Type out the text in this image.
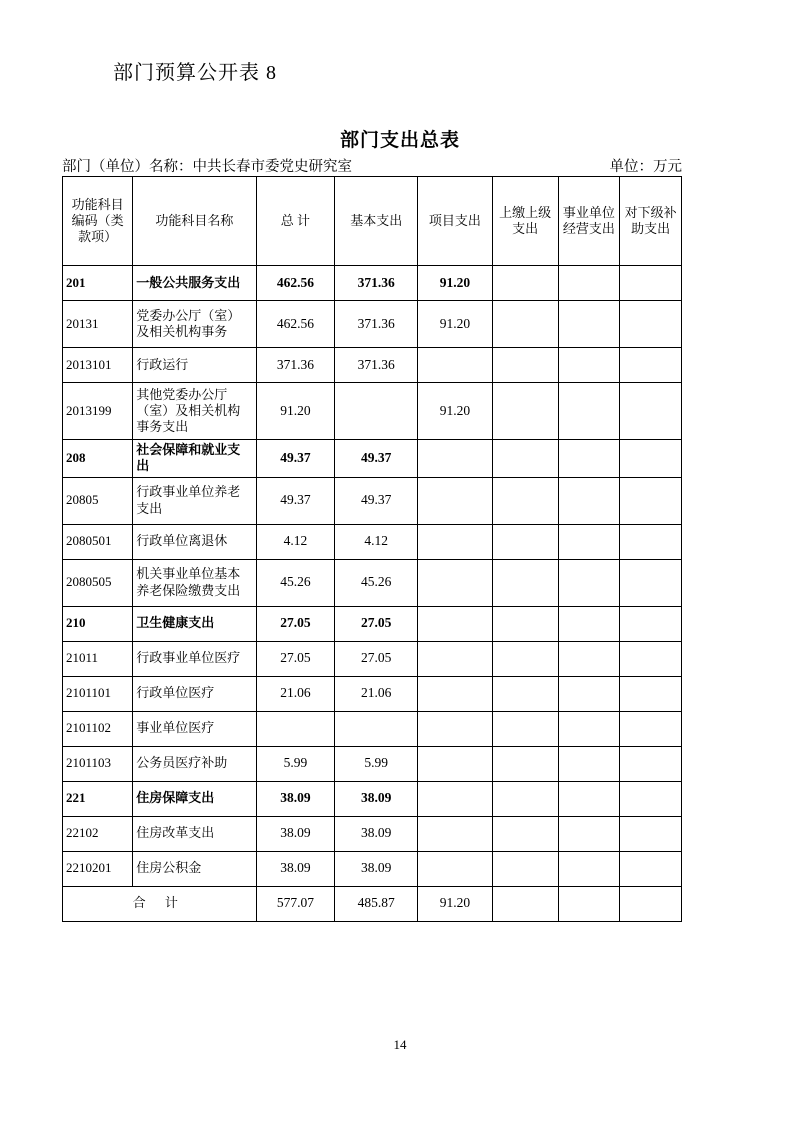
部门预算公开表 8
部门支出总表
部门（单位）名称：中共长春市委党史研究室	单位：万元
功能科目编码（类款项）	功能科目名称	总 计	基本支出	项目支出	上缴上级支出	事业单位经营支出	对下级补助支出
201	一般公共服务支出	462.56	371.36	91.20			
20131	党委办公厅（室）及相关机构事务	462.56	371.36	91.20			
2013101	行政运行	371.36	371.36				
2013199	其他党委办公厅（室）及相关机构事务支出	91.20		91.20			
208	社会保障和就业支出	49.37	49.37				
20805	行政事业单位养老支出	49.37	49.37				
2080501	行政单位离退休	4.12	4.12				
2080505	机关事业单位基本养老保险缴费支出	45.26	45.26				
210	卫生健康支出	27.05	27.05				
21011	行政事业单位医疗	27.05	27.05				
2101101	行政单位医疗	21.06	21.06				
2101102	事业单位医疗						
2101103	公务员医疗补助	5.99	5.99				
221	住房保障支出	38.09	38.09				
22102	住房改革支出	38.09	38.09				
2210201	住房公积金	38.09	38.09				
合 计		577.07	485.87	91.20			
14
